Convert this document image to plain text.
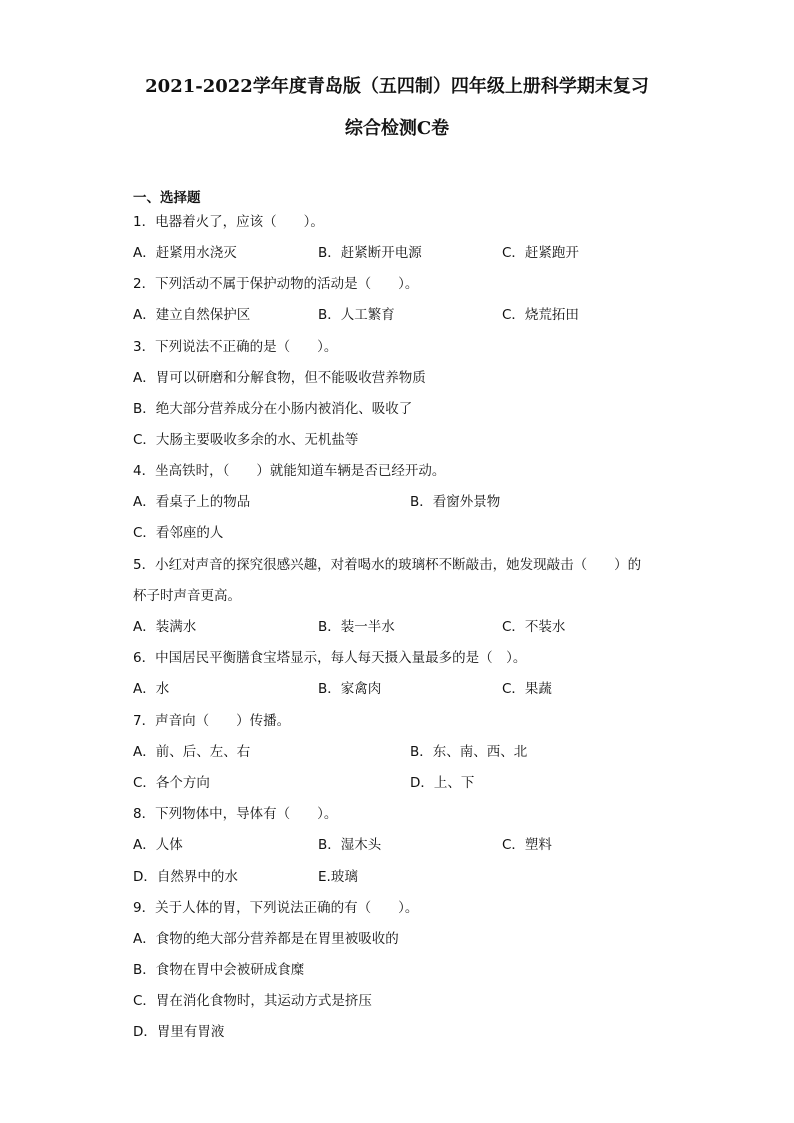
2021-2022学年度青岛版（五四制）四年级上册科学期末复习
综合检测C卷
一、选择题
1．电器着火了，应该（　　）。
A．赶紧用水浇灭	B．赶紧断开电源	C．赶紧跑开
2．下列活动不属于保护动物的活动是（　　）。
A．建立自然保护区	B．人工繁育	C．烧荒拓田
3．下列说法不正确的是（　　）。
A．胃可以研磨和分解食物，但不能吸收营养物质
B．绝大部分营养成分在小肠内被消化、吸收了
C．大肠主要吸收多余的水、无机盐等
4．坐高铁时，（　　）就能知道车辆是否已经开动。
A．看桌子上的物品	B．看窗外景物
C．看邻座的人
5．小红对声音的探究很感兴趣，对着喝水的玻璃杯不断敲击，她发现敲击（　　）的
杯子时声音更高。
A．装满水	B．装一半水	C．不装水
6．中国居民平衡膳食宝塔显示，每人每天摄入量最多的是（　）。
A．水	B．家禽肉	C．果蔬
7．声音向（　　）传播。
A．前、后、左、右	B．东、南、西、北
C．各个方向	D．上、下
8．下列物体中，导体有（　　）。
A．人体	B．湿木头	C．塑料
D．自然界中的水	E.玻璃
9．关于人体的胃，下列说法正确的有（　　）。
A．食物的绝大部分营养都是在胃里被吸收的
B．食物在胃中会被研成食糜
C．胃在消化食物时，其运动方式是挤压
D．胃里有胃液
